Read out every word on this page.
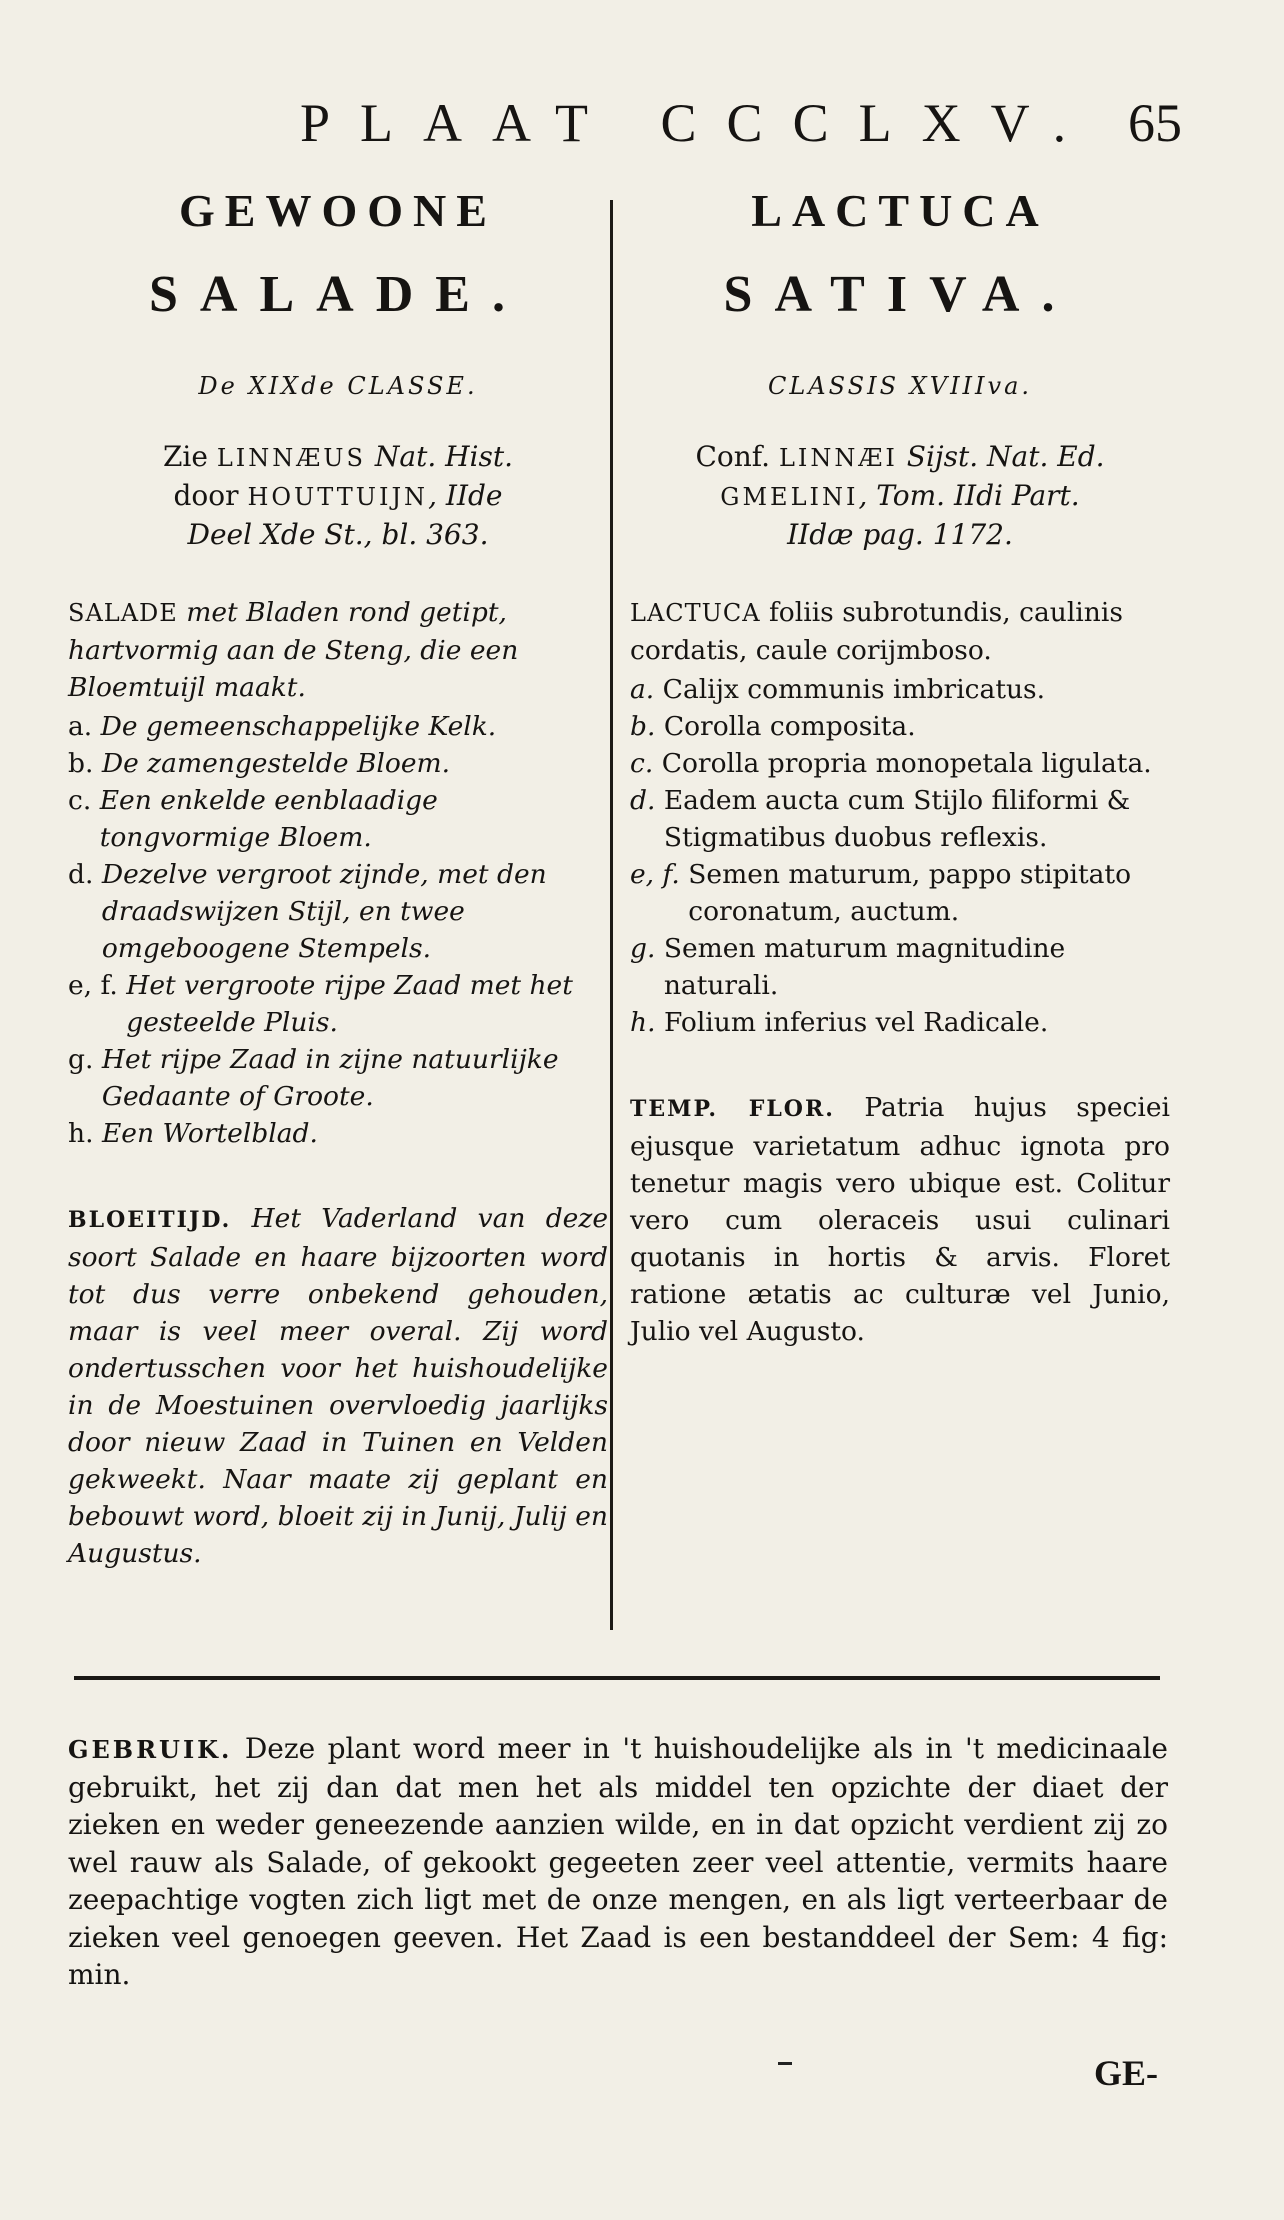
PLAAT CCCLXV. 65
GEWOONE
SALADE.
De XIXde CLASSE.
Zie LINNÆUS Nat. Hist.
door HOUTTUIJN, IIde
Deel Xde St., bl. 363.
SALADE met Bladen rond getipt, hartvormig aan de Steng, die een Bloemtuijl maakt.
a.
De gemeenschappelijke Kelk.
b.
De zamengestelde Bloem.
c.
Een enkelde eenblaadige tongvormige Bloem.
d.
Dezelve vergroot zijnde, met den draadswijzen Stijl, en twee omgeboogene Stempels.
e, f.
Het vergroote rijpe Zaad met het gesteelde Pluis.
g.
Het rijpe Zaad in zijne natuurlijke Gedaante of Groote.
h.
Een Wortelblad.
BLOEITIJD. Het Vaderland van deze soort Salade en haare bijzoorten word tot dus verre onbekend gehouden, maar is veel meer overal. Zij word ondertusschen voor het huishoudelijke in de Moestuinen overvloedig jaarlijks door nieuw Zaad in Tuinen en Velden gekweekt. Naar maate zij geplant en bebouwt word, bloeit zij in Junij, Julij en Augustus.
LACTUCA
SATIVA.
CLASSIS XVIIIva.
Conf. LINNÆI Sijst. Nat. Ed.
GMELINI, Tom. IIdi Part.
IIdæ pag. 1172.
LACTUCA foliis subrotundis, caulinis cordatis, caule corijmboso.
a.
Calijx communis imbricatus.
b.
Corolla composita.
c.
Corolla propria monopetala ligulata.
d.
Eadem aucta cum Stijlo filiformi & Stigmatibus duobus reflexis.
e, f.
Semen maturum, pappo stipitato coronatum, auctum.
g.
Semen maturum magnitudine naturali.
h.
Folium inferius vel Radicale.
TEMP. FLOR. Patria hujus speciei ejusque varietatum adhuc ignota pro tenetur magis vero ubique est. Colitur vero cum oleraceis usui culinari quotanis in hortis & arvis. Floret ratione ætatis ac culturæ vel Junio, Julio vel Augusto.
GEBRUIK. Deze plant word meer in 't huishoudelijke als in 't medicinaale gebruikt, het zij dan dat men het als middel ten opzichte der diaet der zieken en weder geneezende aanzien wilde, en in dat opzicht verdient zij zo wel rauw als Salade, of gekookt gegeeten zeer veel attentie, vermits haare zeepachtige vogten zich ligt met de onze mengen, en als ligt verteerbaar de zieken veel genoegen geeven. Het Zaad is een bestanddeel der Sem: 4 fig: min.
GE-
